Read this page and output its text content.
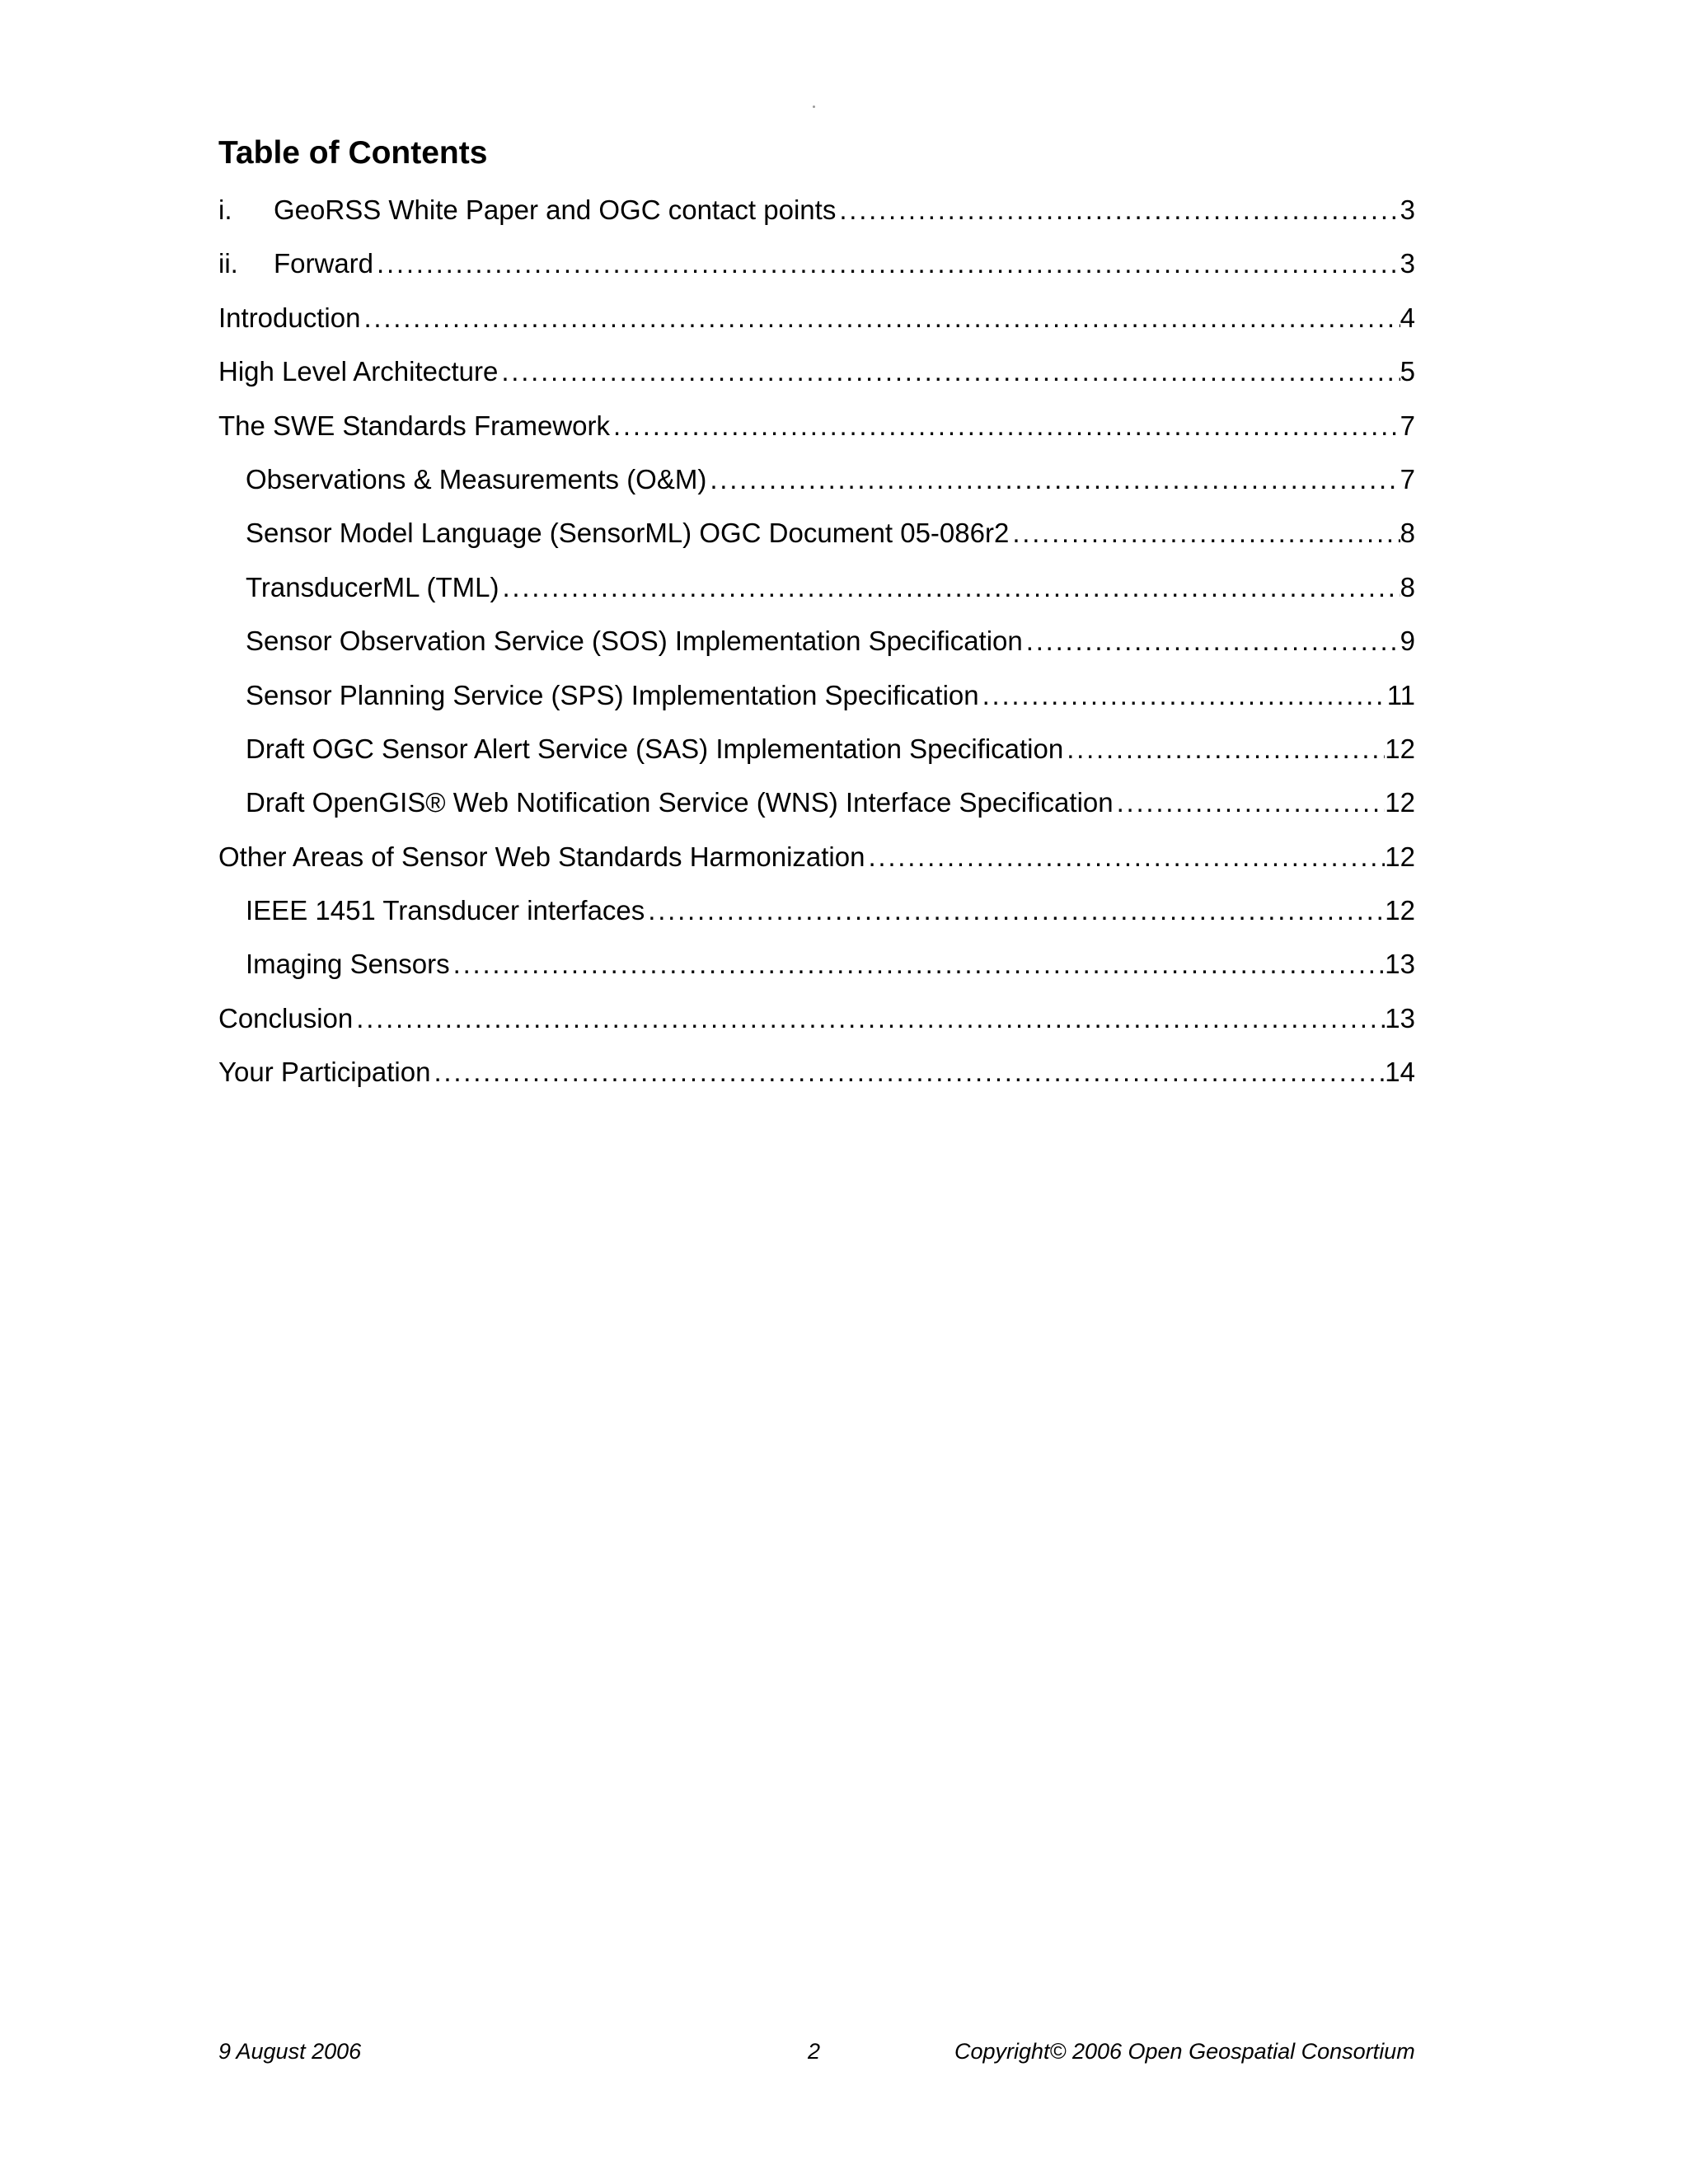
Table of Contents
i.	GeoRSS White Paper and OGC contact points . . .	3
ii.	Forward . . .	3
Introduction . . .	4
High Level Architecture . . .	5
The SWE Standards Framework . . .	7
Observations & Measurements (O&M) . . .	7
Sensor Model Language (SensorML) OGC Document 05-086r2 . . .	8
TransducerML (TML) . . .	8
Sensor Observation Service (SOS) Implementation Specification . . .	9
Sensor Planning Service (SPS) Implementation Specification . . .	11
Draft OGC Sensor Alert Service (SAS) Implementation Specification . . .	12
Draft OpenGIS® Web Notification Service (WNS) Interface Specification . . .	12
Other Areas of Sensor Web Standards Harmonization . . .	12
IEEE 1451 Transducer interfaces . . .	12
Imaging Sensors . . .	13
Conclusion . . .	13
Your Participation . . .	14
9 August 2006	2	Copyright© 2006 Open Geospatial Consortium
